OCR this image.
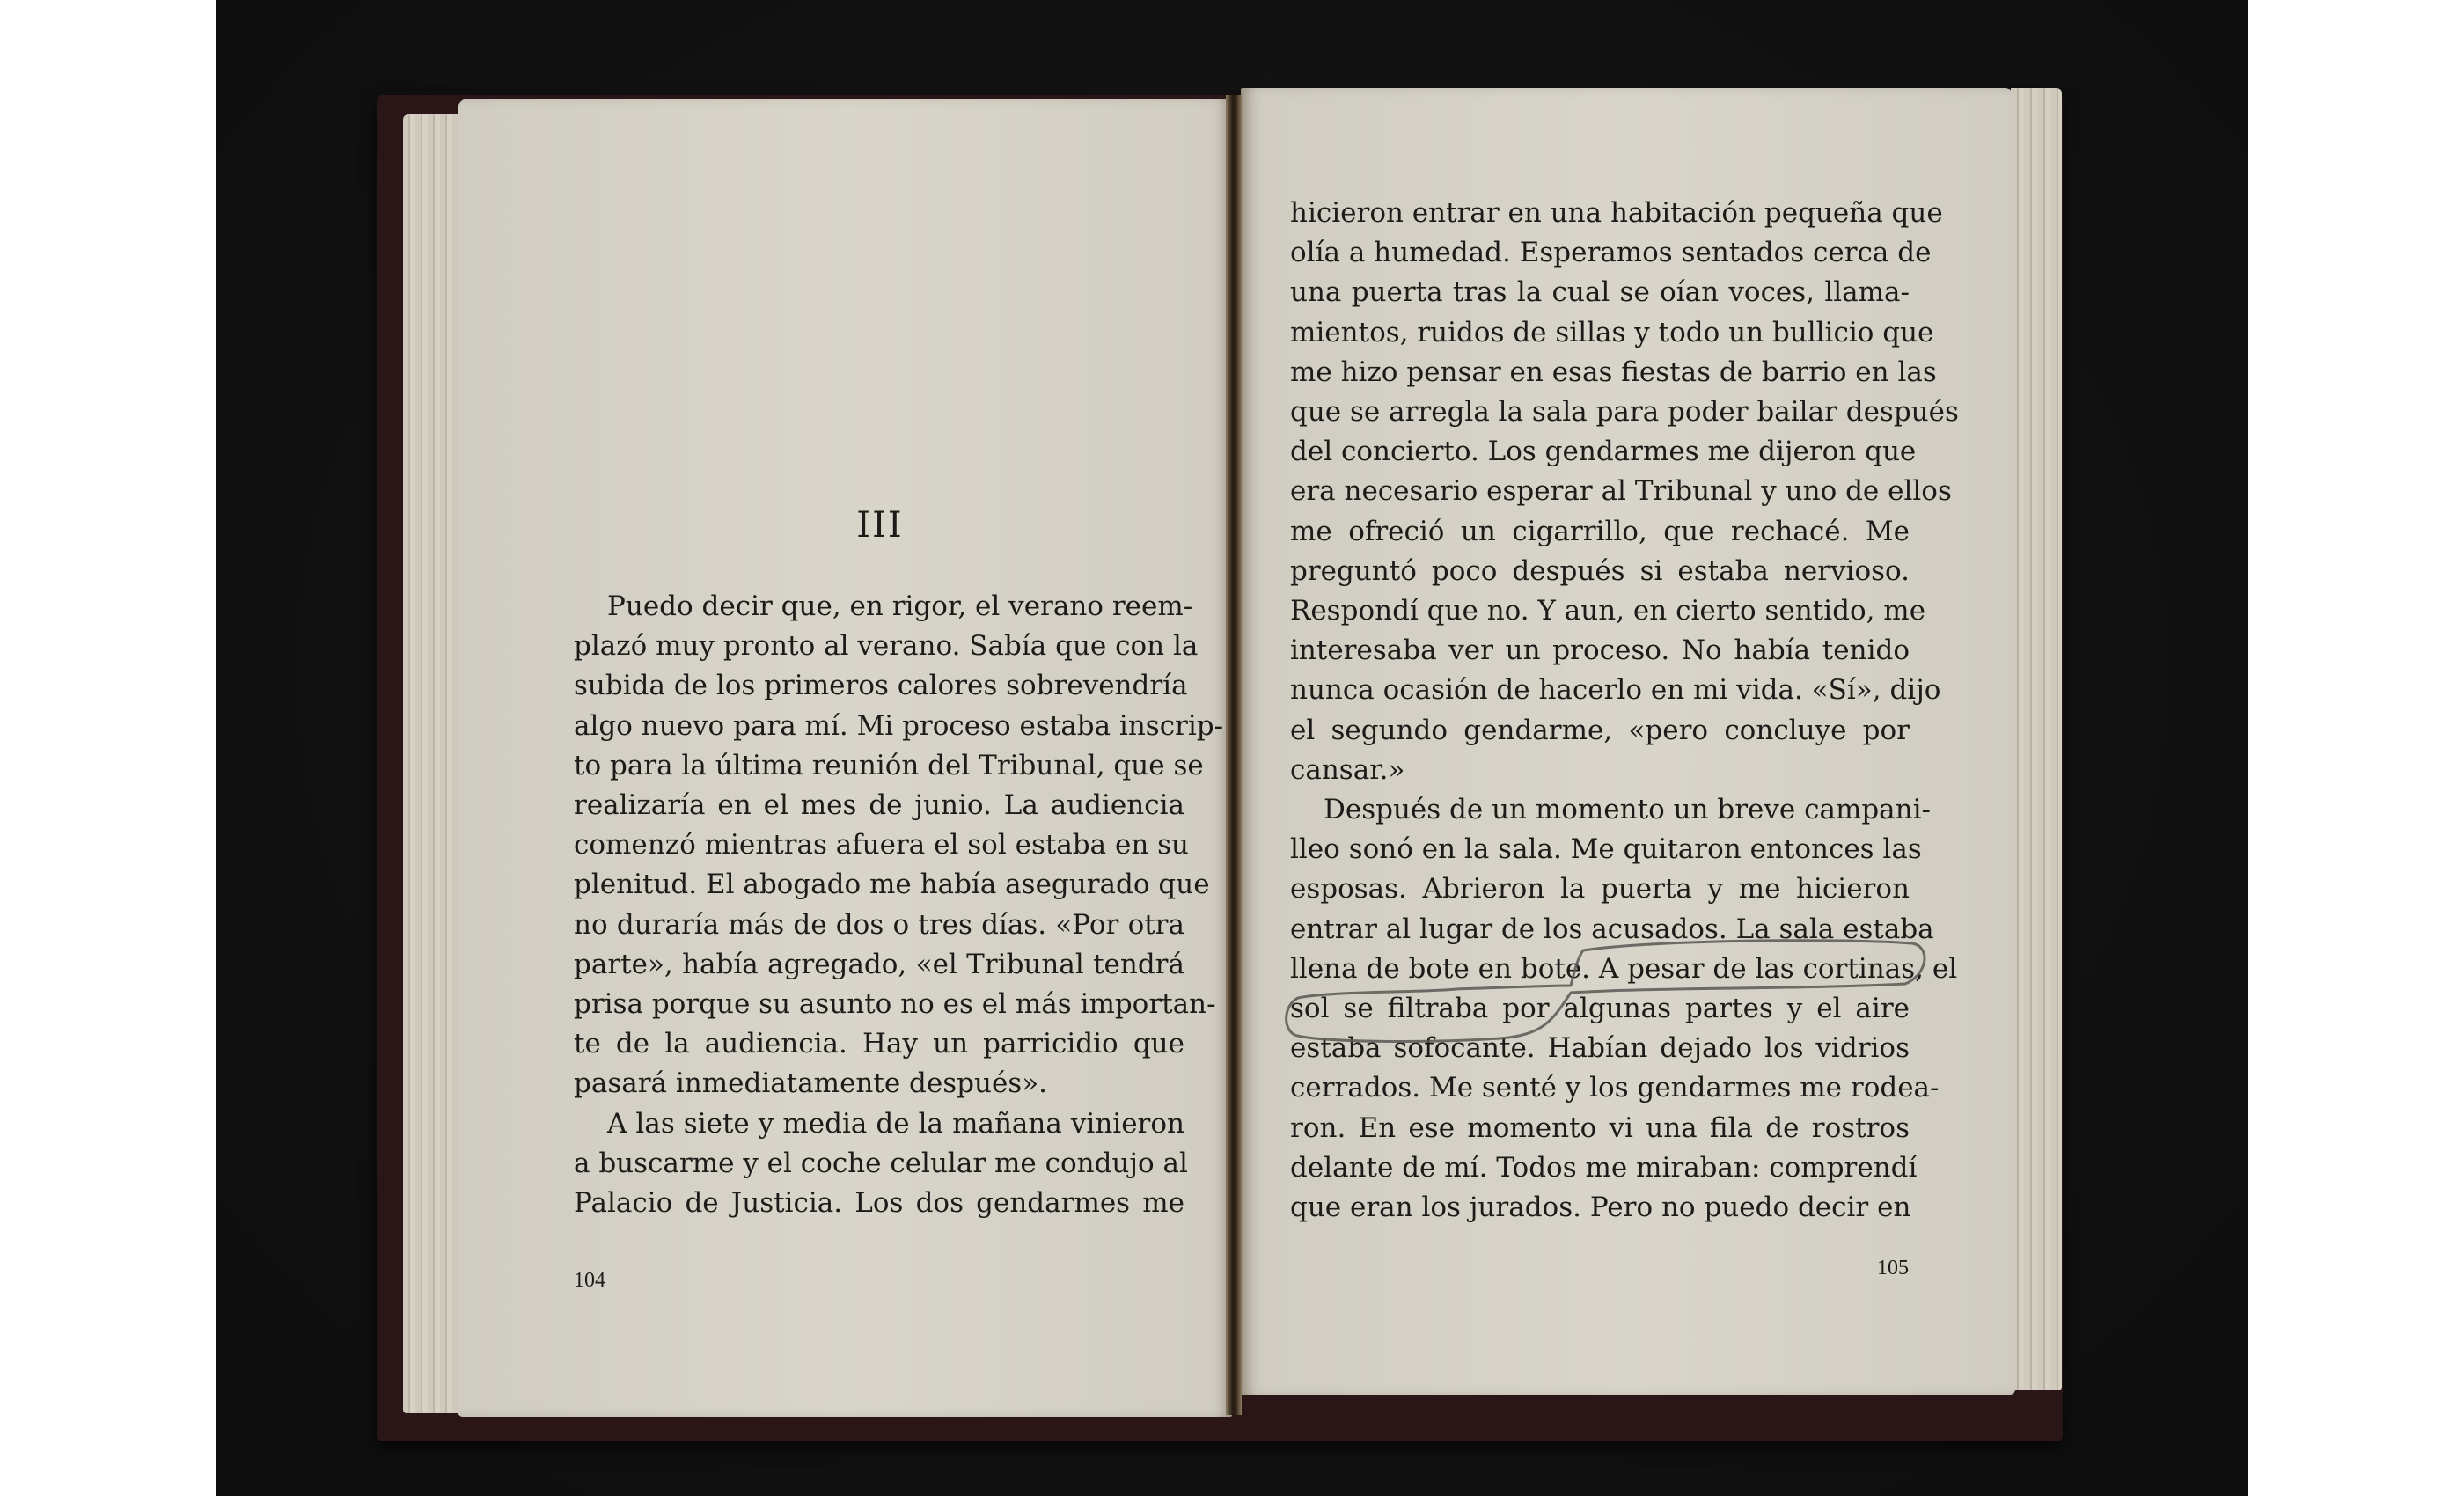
III
Puedo decir que, en rigor, el verano reem-
plazó muy pronto al verano. Sabía que con la
subida de los primeros calores sobrevendría
algo nuevo para mí. Mi proceso estaba inscrip-
to para la última reunión del Tribunal, que se
realizaría en el mes de junio. La audiencia
comenzó mientras afuera el sol estaba en su
plenitud. El abogado me había asegurado que
no duraría más de dos o tres días. «Por otra
parte», había agregado, «el Tribunal tendrá
prisa porque su asunto no es el más importan-
te de la audiencia. Hay un parricidio que
pasará inmediatamente después».
A las siete y media de la mañana vinieron
a buscarme y el coche celular me condujo al
Palacio de Justicia. Los dos gendarmes me
hicieron entrar en una habitación pequeña que
olía a humedad. Esperamos sentados cerca de
una puerta tras la cual se oían voces, llama-
mientos, ruidos de sillas y todo un bullicio que
me hizo pensar en esas fiestas de barrio en las
que se arregla la sala para poder bailar después
del concierto. Los gendarmes me dijeron que
era necesario esperar al Tribunal y uno de ellos
me ofreció un cigarrillo, que rechacé. Me
preguntó poco después si estaba nervioso.
Respondí que no. Y aun, en cierto sentido, me
interesaba ver un proceso. No había tenido
nunca ocasión de hacerlo en mi vida. «Sí», dijo
el segundo gendarme, «pero concluye por
cansar.»
Después de un momento un breve campani-
lleo sonó en la sala. Me quitaron entonces las
esposas. Abrieron la puerta y me hicieron
entrar al lugar de los acusados. La sala estaba
llena de bote en bote. A pesar de las cortinas, el
sol se filtraba por algunas partes y el aire
estaba sofocante. Habían dejado los vidrios
cerrados. Me senté y los gendarmes me rodea-
ron. En ese momento vi una fila de rostros
delante de mí. Todos me miraban: comprendí
que eran los jurados. Pero no puedo decir en
104
105
